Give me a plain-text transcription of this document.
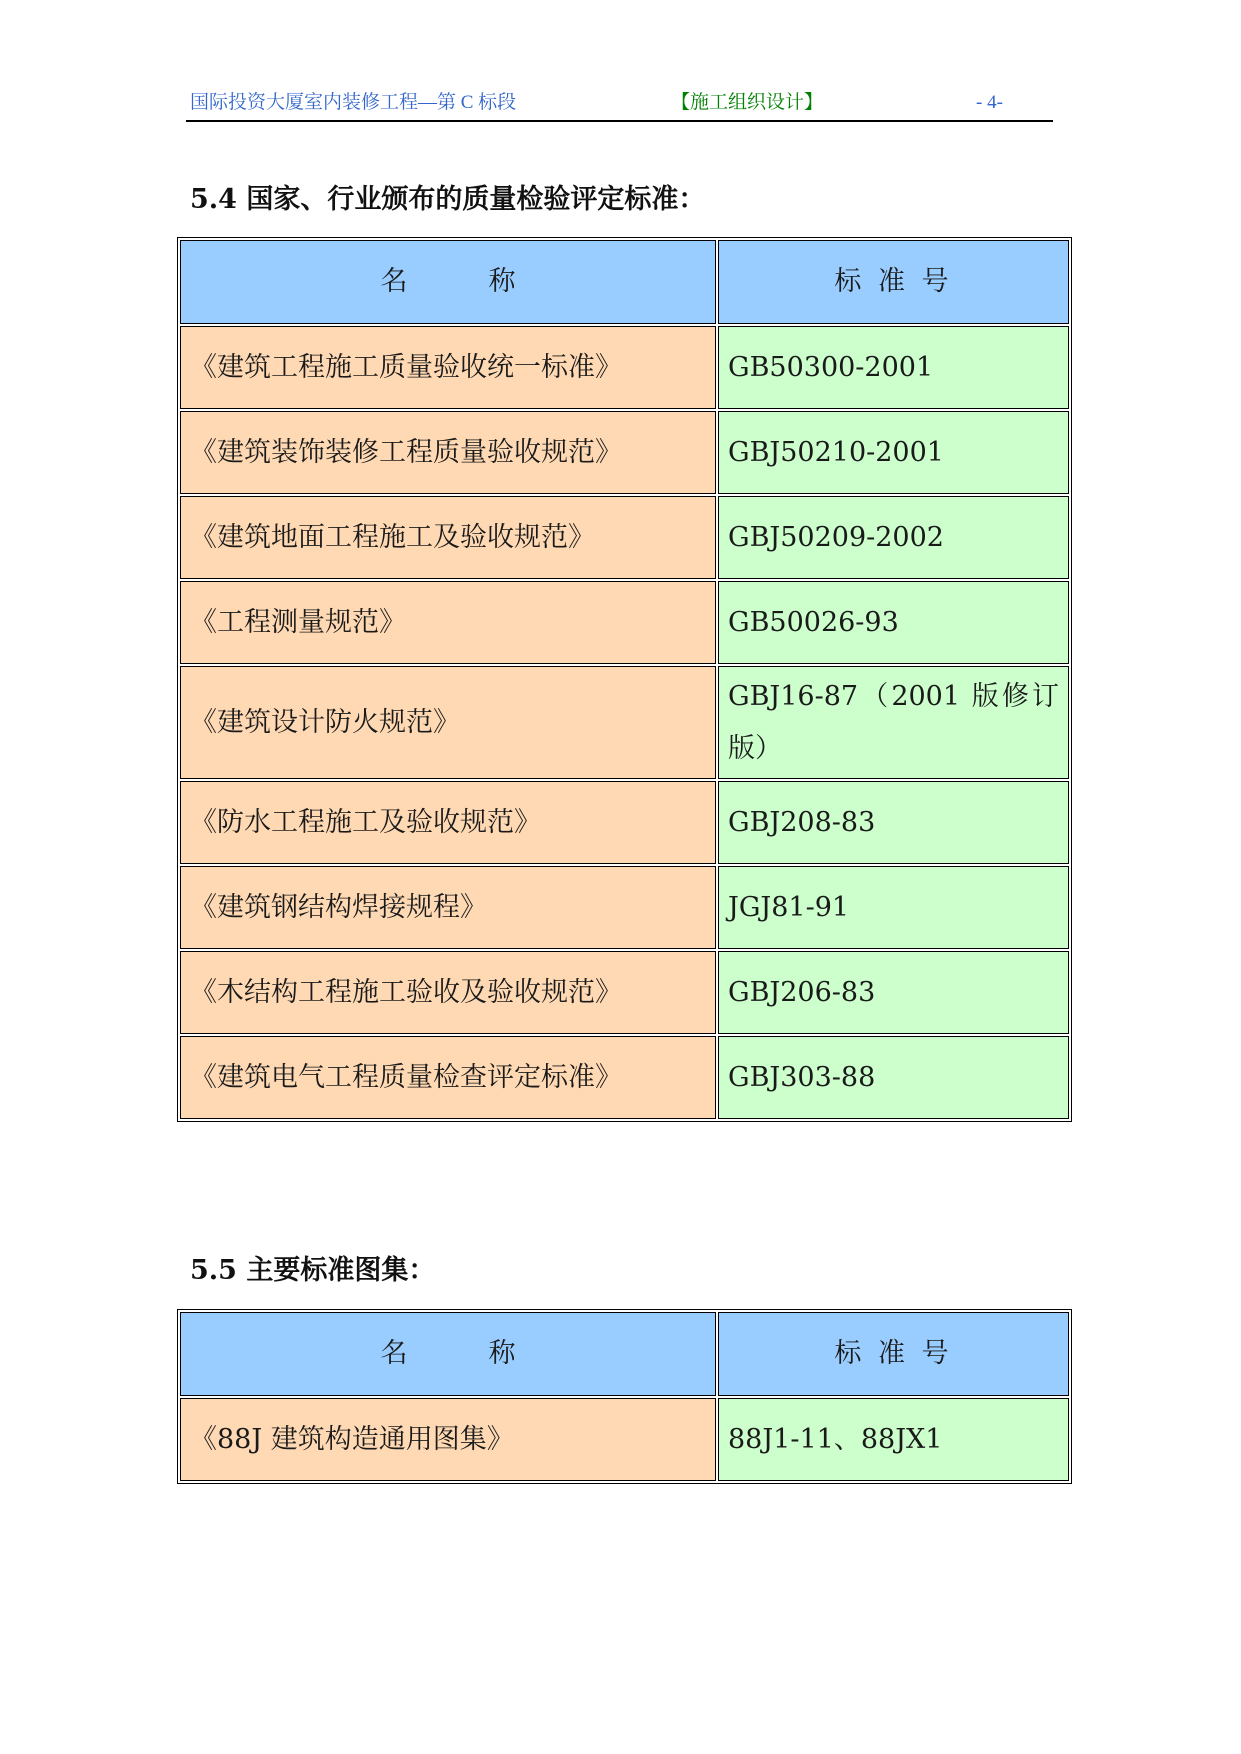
国际投资大厦室内装修工程—第 C 标段	【施工组织设计】	- 4-
5.4 国家、行业颁布的质量检验评定标准：
名　　　称	标 准 号
《建筑工程施工质量验收统一标准》	GB50300-2001
《建筑装饰装修工程质量验收规范》	GBJ50210-2001
《建筑地面工程施工及验收规范》	GBJ50209-2002
《工程测量规范》	GB50026-93
《建筑设计防火规范》	GBJ16-87（2001 版修订版）
《防水工程施工及验收规范》	GBJ208-83
《建筑钢结构焊接规程》	JGJ81-91
《木结构工程施工验收及验收规范》	GBJ206-83
《建筑电气工程质量检查评定标准》	GBJ303-88
5.5 主要标准图集：
名　　　称	标 准 号
《88J 建筑构造通用图集》	88J1-11、88JX1
